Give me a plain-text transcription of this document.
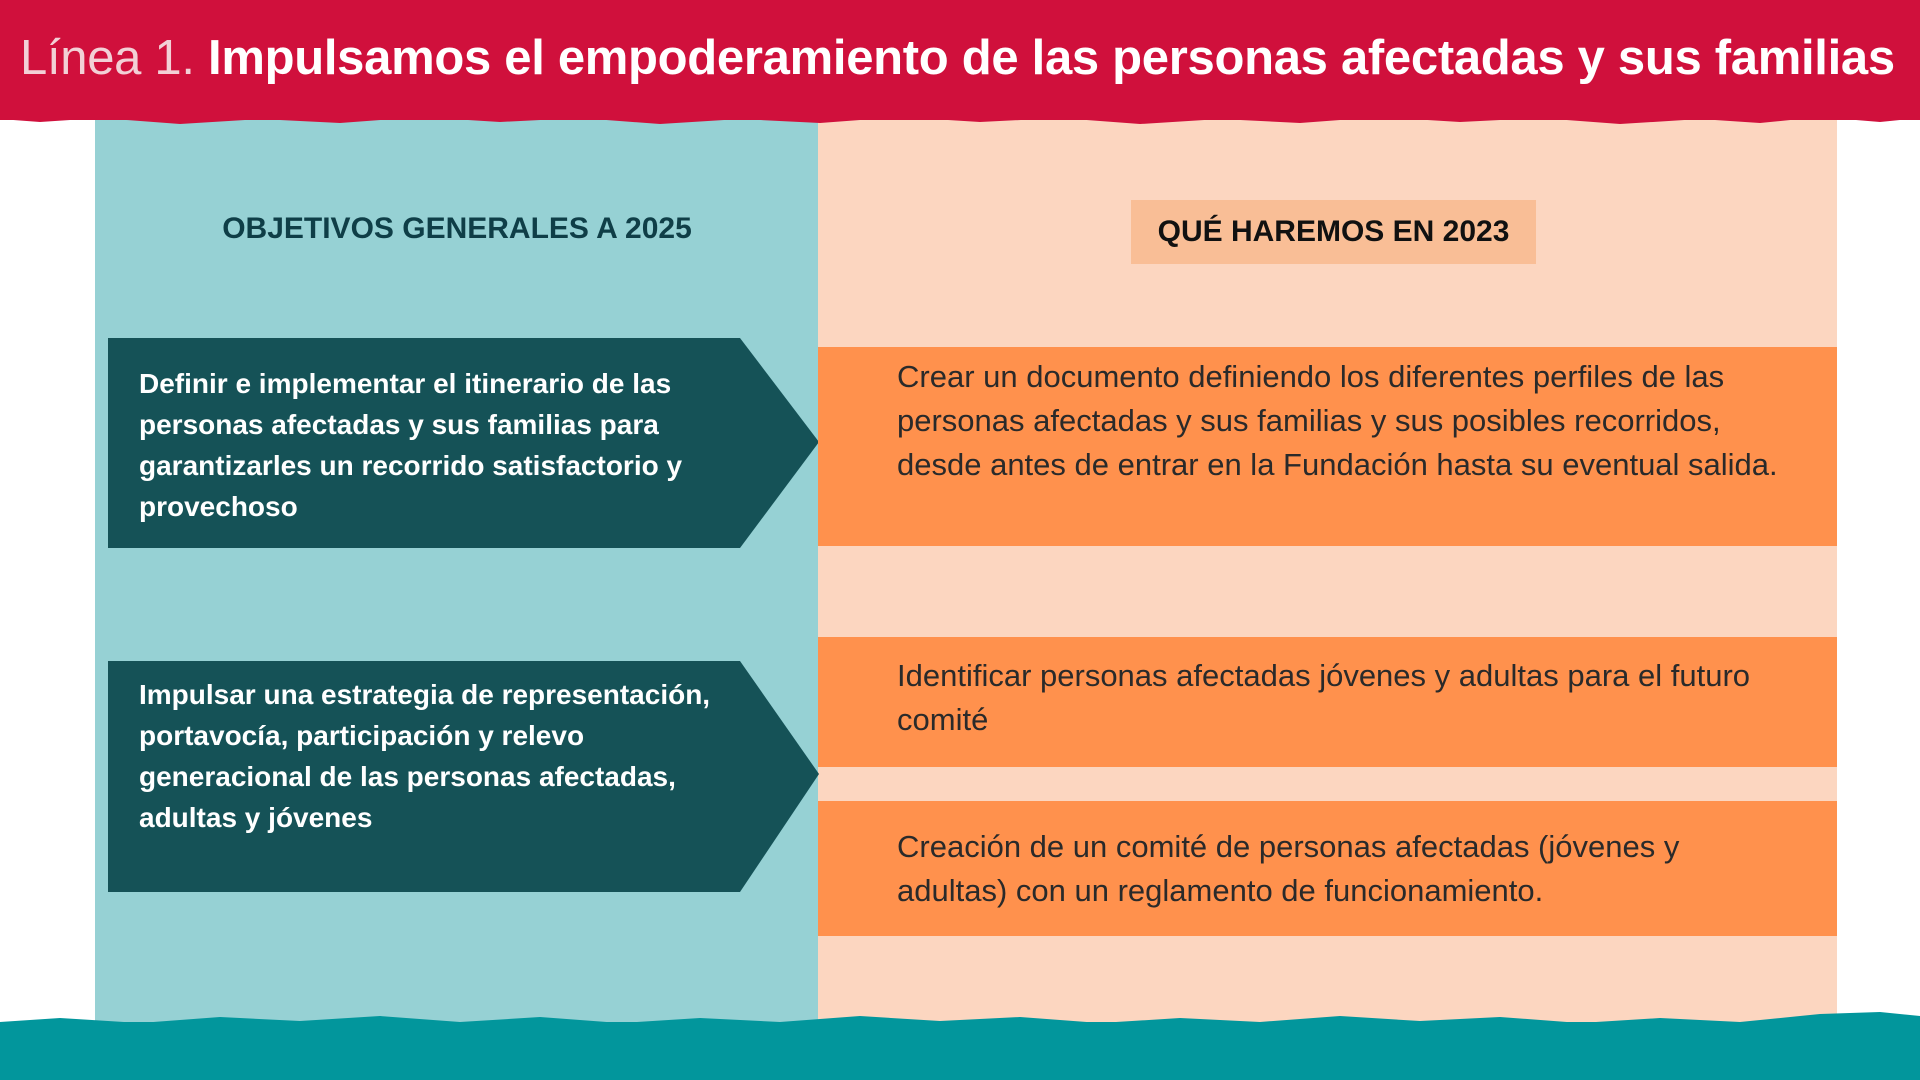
Línea 1. Impulsamos el empoderamiento de las personas afectadas y sus familias
OBJETIVOS GENERALES A 2025	QUÉ HAREMOS EN 2023
Definir e implementar el itinerario de las personas afectadas y sus familias para garantizarles un recorrido satisfactorio y provechoso
Impulsar una estrategia de representación, portavocía, participación y relevo generacional de las personas afectadas, adultas y jóvenes
Crear un documento definiendo los diferentes perfiles de las personas afectadas y sus familias y sus posibles recorridos, desde antes de entrar en la Fundación hasta su eventual salida.
Identificar personas afectadas jóvenes y adultas para el futuro comité
Creación de un comité de personas afectadas (jóvenes y adultas) con un reglamento de funcionamiento.
